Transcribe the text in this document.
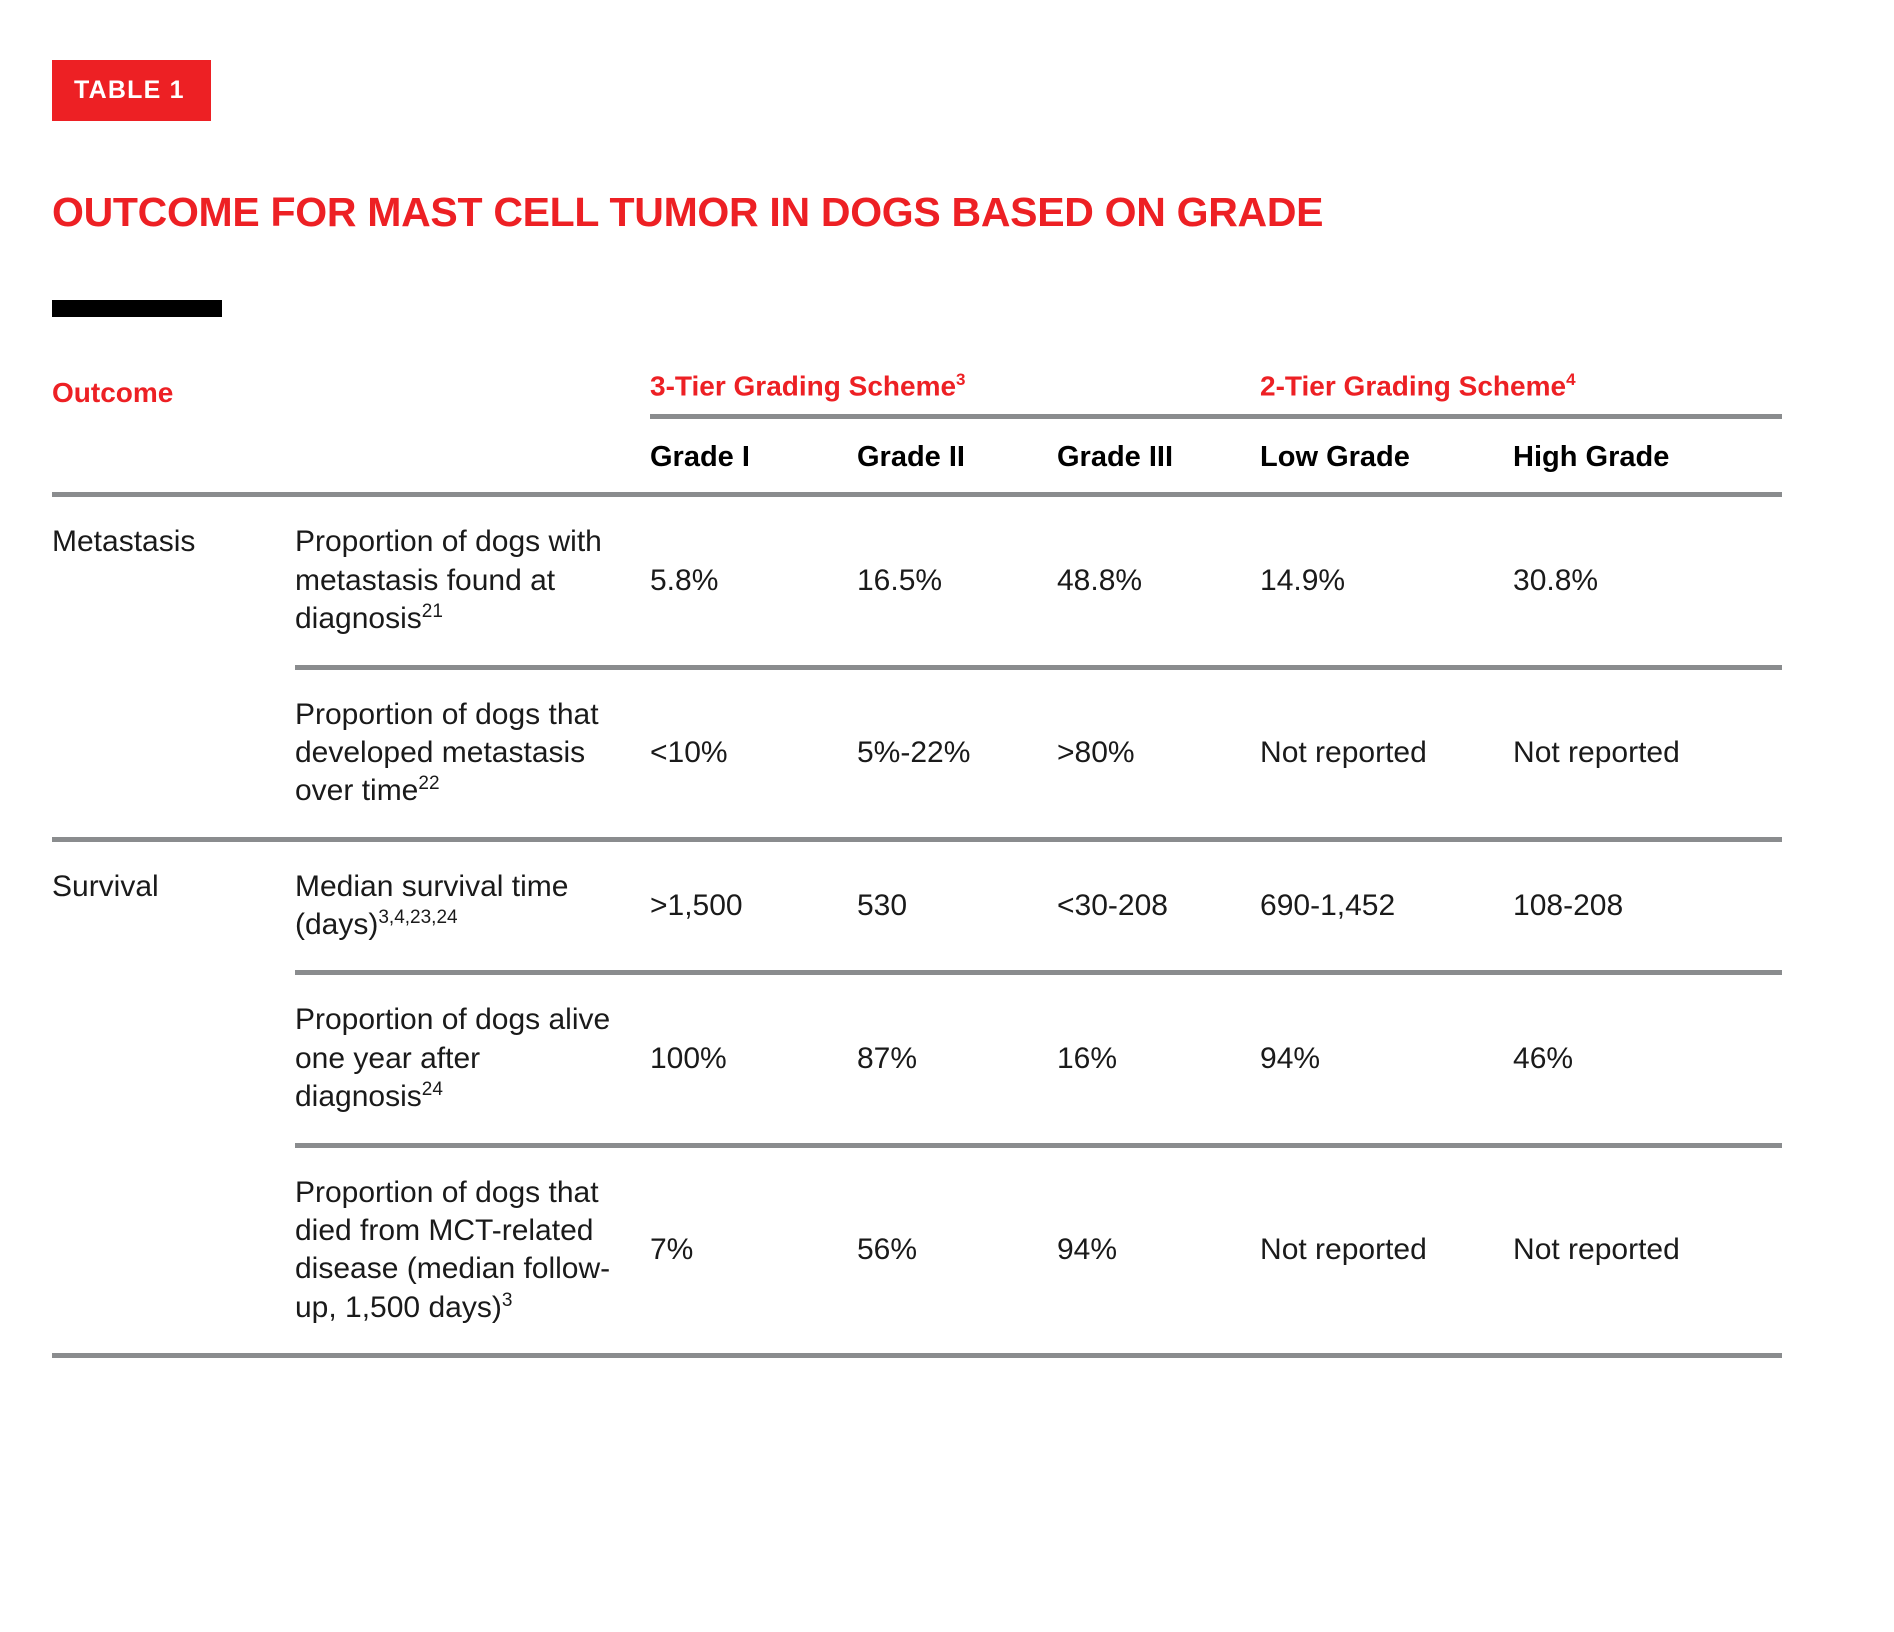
TABLE 1
OUTCOME FOR MAST CELL TUMOR IN DOGS BASED ON GRADE
Outcome		3-Tier Grading Scheme$^3$			2-Tier Grading Scheme$^4$

		Grade I	Grade II	Grade III	Low Grade	High Grade

Metastasis	Proportion of dogs with metastasis found at diagnosis$^{21}$	5.8%	16.5%	48.8%	14.9%	30.8%

	Proportion of dogs that developed metastasis over time$^{22}$	<10%	5%-22%	>80%	Not reported	Not reported

Survival	Median survival time (days)$^{3,4,23,24}$	>1,500	530	<30-208	690-1,452	108-208

	Proportion of dogs alive one year after diagnosis$^{24}$	100%	87%	16%	94%	46%

	Proportion of dogs that died from MCT-related disease (median follow-up, 1,500 days)$^3$	7%	56%	94%	Not reported	Not reported
